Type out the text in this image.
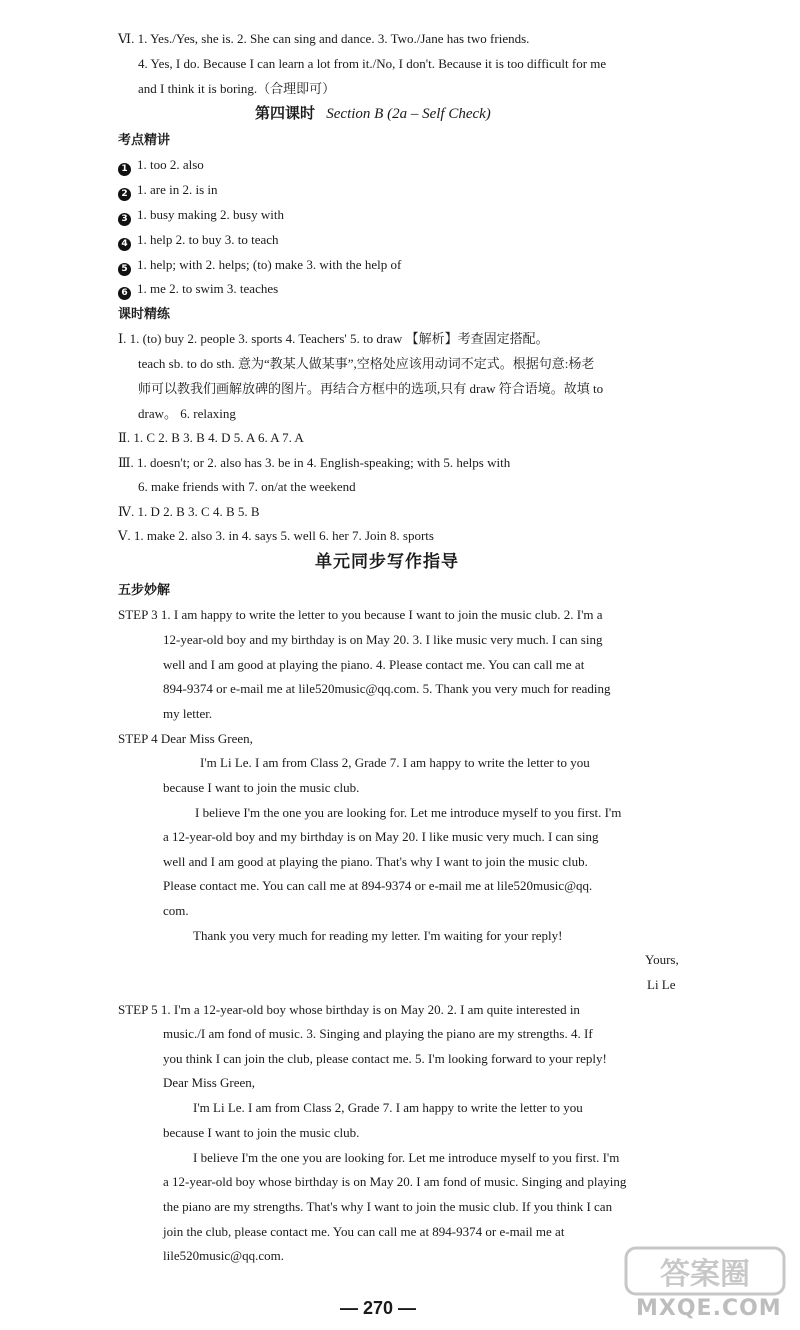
第四课时 Section B (2a – Self Check)
考点精讲
课时精练
单元同步写作指导
五步妙解
Ⅵ. 1. Yes./Yes, she is. 2. She can sing and dance. 3. Two./Jane has two friends.
4. Yes, I do. Because I can learn a lot from it./No, I don't. Because it is too difficult for me
and I think it is boring.（合理即可）
1 1. too 2. also
2 1. are in 2. is in
3 1. busy making 2. busy with
4 1. help 2. to buy 3. to teach
5 1. help; with 2. helps; (to) make 3. with the help of
6 1. me 2. to swim 3. teaches
Ⅰ. 1. (to) buy 2. people 3. sports 4. Teachers' 5. to draw 【解析】考查固定搭配。
teach sb. to do sth. 意为“教某人做某事”,空格处应该用动词不定式。根据句意:杨老
师可以教我们画解放碑的图片。再结合方框中的选项,只有 draw 符合语境。故填 to
draw。 6. relaxing
Ⅱ. 1. C 2. B 3. B 4. D 5. A 6. A 7. A
Ⅲ. 1. doesn't; or 2. also has 3. be in 4. English-speaking; with 5. helps with
6. make friends with 7. on/at the weekend
Ⅳ. 1. D 2. B 3. C 4. B 5. B
Ⅴ. 1. make 2. also 3. in 4. says 5. well 6. her 7. Join 8. sports
STEP 3 1. I am happy to write the letter to you because I want to join the music club. 2. I'm a
12-year-old boy and my birthday is on May 20. 3. I like music very much. I can sing
well and I am good at playing the piano. 4. Please contact me. You can call me at
894-9374 or e-mail me at lile520music@qq.com. 5. Thank you very much for reading
my letter.
STEP 4 Dear Miss Green,
I'm Li Le. I am from Class 2, Grade 7. I am happy to write the letter to you
because I want to join the music club.
I believe I'm the one you are looking for. Let me introduce myself to you first. I'm
a 12-year-old boy and my birthday is on May 20. I like music very much. I can sing
well and I am good at playing the piano. That's why I want to join the music club.
Please contact me. You can call me at 894-9374 or e-mail me at lile520music@qq.
com.
Thank you very much for reading my letter. I'm waiting for your reply!
Yours,
Li Le
STEP 5 1. I'm a 12-year-old boy whose birthday is on May 20. 2. I am quite interested in
music./I am fond of music. 3. Singing and playing the piano are my strengths. 4. If
you think I can join the club, please contact me. 5. I'm looking forward to your reply!
Dear Miss Green,
I'm Li Le. I am from Class 2, Grade 7. I am happy to write the letter to you
because I want to join the music club.
I believe I'm the one you are looking for. Let me introduce myself to you first. I'm
a 12-year-old boy whose birthday is on May 20. I am fond of music. Singing and playing
the piano are my strengths. That's why I want to join the music club. If you think I can
join the club, please contact me. You can call me at 894-9374 or e-mail me at
lile520music@qq.com.
— 270 —
答案圈
MXQE.COM
